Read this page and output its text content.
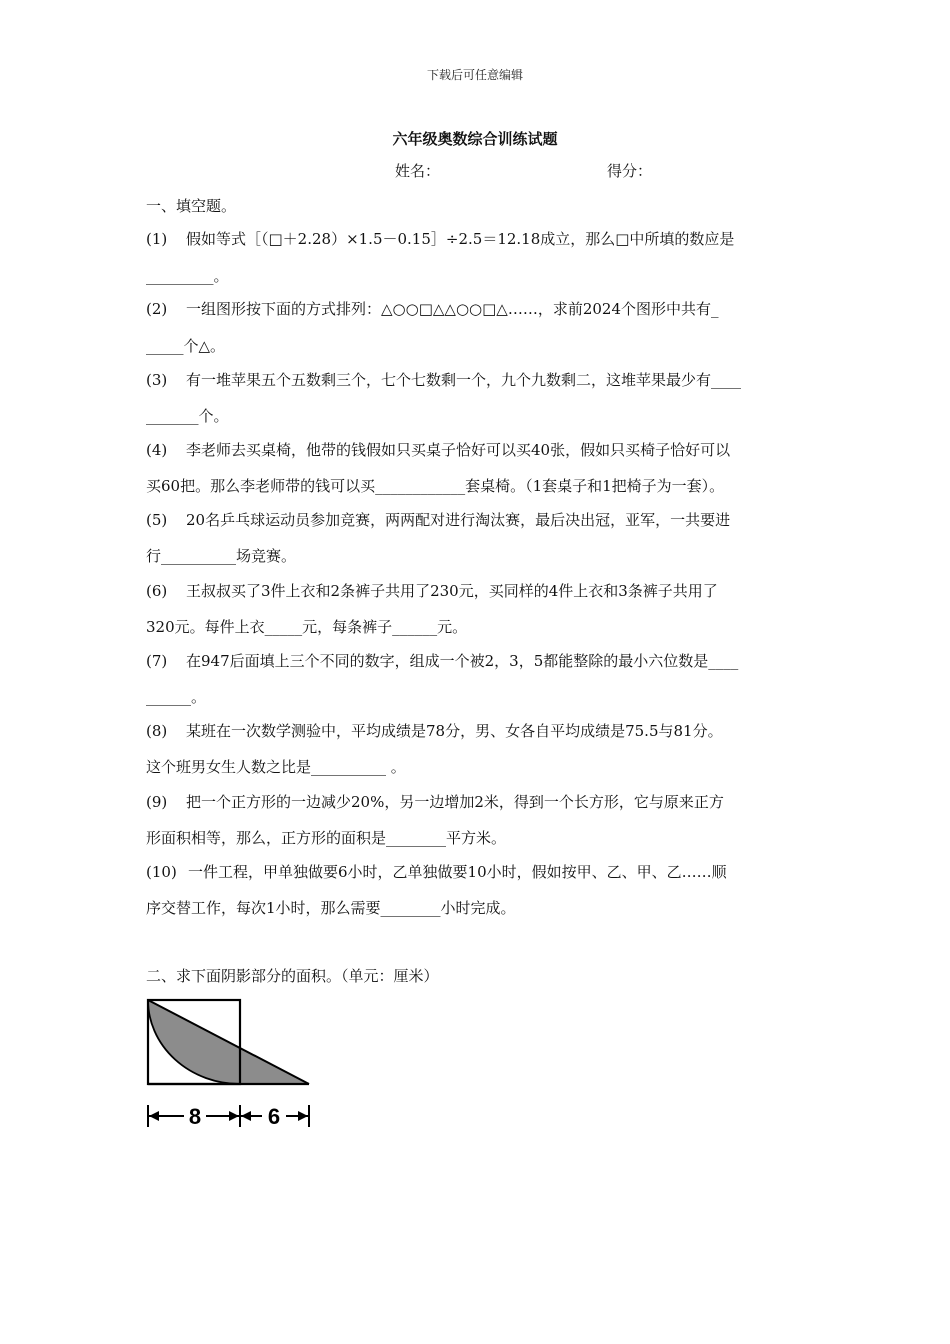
下载后可任意编辑
六年级奥数综合训练试题
姓名：	得分：
一、填空题。
(1) 假如等式［（□＋2.28）×1.5－0.15］÷2.5＝12.18成立，那么□中所填的数应是
_________。
(2) 一组图形按下面的方式排列：△○○□△△○○□△……，求前2024个图形中共有_
_____个△。
(3) 有一堆苹果五个五数剩三个，七个七数剩一个，九个九数剩二，这堆苹果最少有____
_______个。
(4) 李老师去买桌椅，他带的钱假如只买桌子恰好可以买40张，假如只买椅子恰好可以
买60把。那么李老师带的钱可以买____________套桌椅。（1套桌子和1把椅子为一套）。
(5) 20名乒乓球运动员参加竞赛，两两配对进行淘汰赛，最后决出冠，亚军，一共要进
行__________场竞赛。
(6) 王叔叔买了3件上衣和2条裤子共用了230元，买同样的4件上衣和3条裤子共用了
320元。每件上衣_____元，每条裤子______元。
(7) 在947后面填上三个不同的数字，组成一个被2，3，5都能整除的最小六位数是____
______。
(8) 某班在一次数学测验中，平均成绩是78分，男、女各自平均成绩是75.5与81分。
这个班男女生人数之比是__________ 。
(9) 把一个正方形的一边减少20%，另一边增加2米，得到一个长方形，它与原来正方
形面积相等，那么，正方形的面积是________平方米。
(10) 一件工程，甲单独做要6小时，乙单独做要10小时，假如按甲、乙、甲、乙……顺
序交替工作，每次1小时，那么需要________小时完成。
二、求下面阴影部分的面积。（单元：厘米）
8	6
